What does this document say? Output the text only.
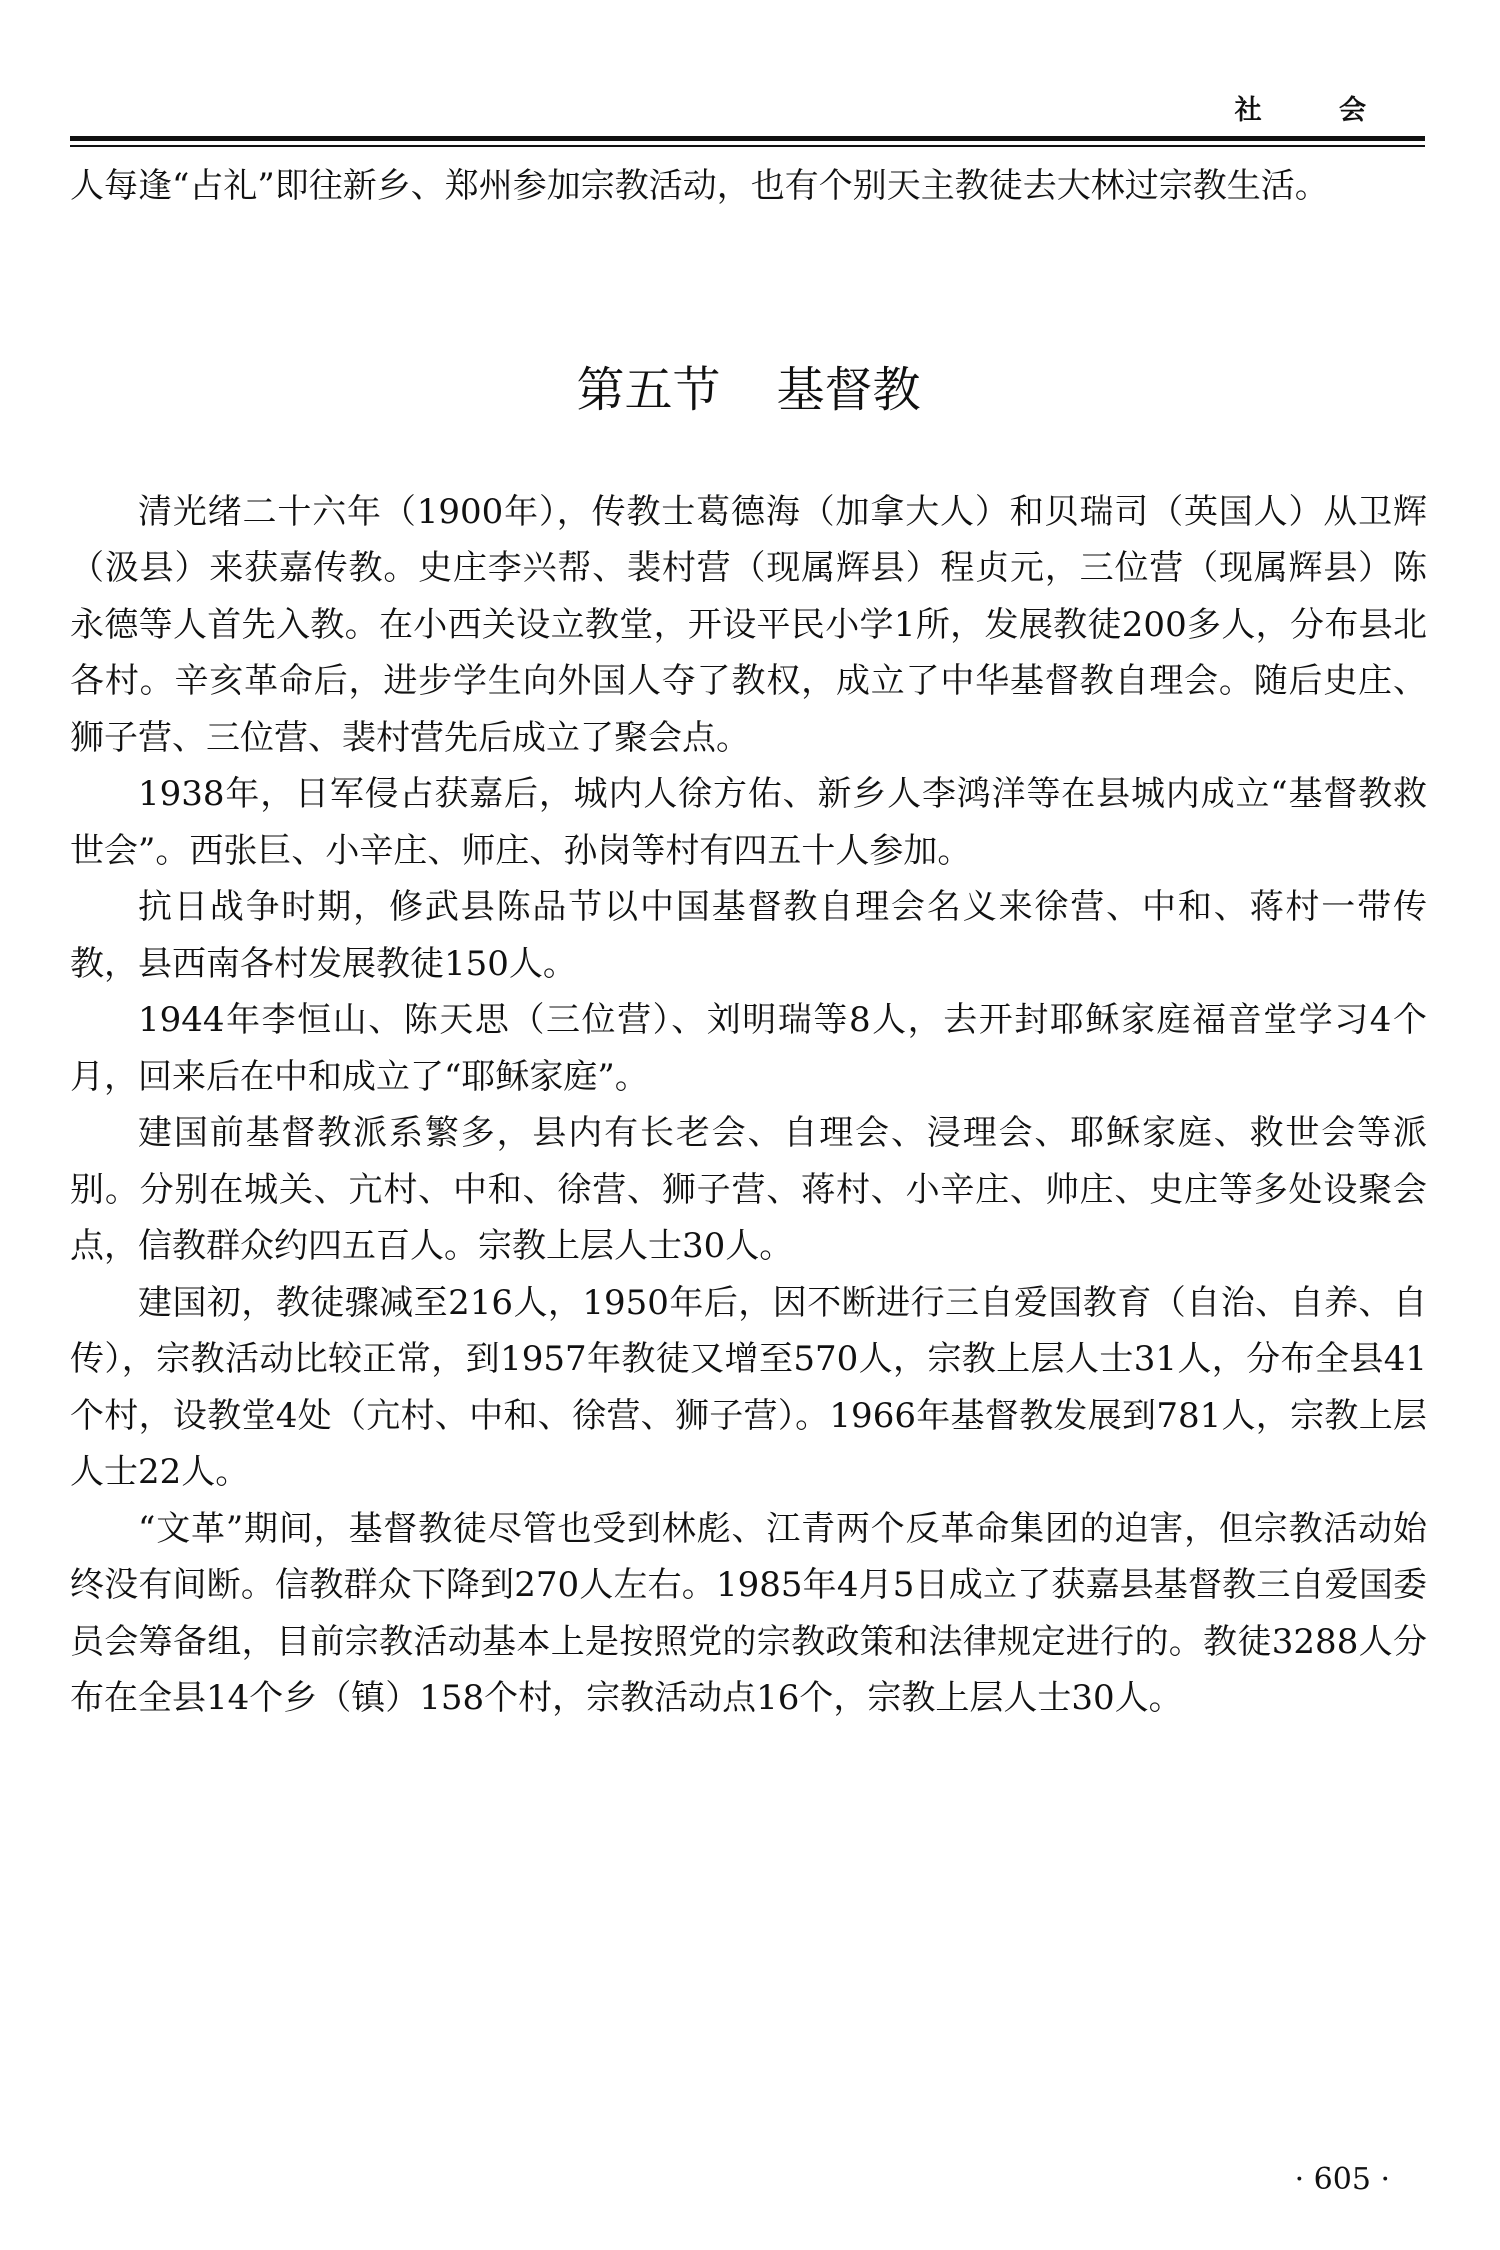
社 会

人每逢“占礼”即往新乡、郑州参加宗教活动，也有个别天主教徒去大林过宗教生活。

第五节 基督教

清光绪二十六年（1900年），传教士葛德海（加拿大人）和贝瑞司（英国人）从卫辉（汲县）来获嘉传教。史庄李兴帮、裴村营（现属辉县）程贞元，三位营（现属辉县）陈永德等人首先入教。在小西关设立教堂，开设平民小学1所，发展教徒200多人，分布县北各村。辛亥革命后，进步学生向外国人夺了教权，成立了中华基督教自理会。随后史庄、狮子营、三位营、裴村营先后成立了聚会点。

1938年，日军侵占获嘉后，城内人徐方佑、新乡人李鸿洋等在县城内成立“基督教救世会”。西张巨、小辛庄、师庄、孙岗等村有四五十人参加。

抗日战争时期，修武县陈品节以中国基督教自理会名义来徐营、中和、蒋村一带传教，县西南各村发展教徒150人。

1944年李恒山、陈天思（三位营）、刘明瑞等8人，去开封耶稣家庭福音堂学习4个月，回来后在中和成立了“耶稣家庭”。

建国前基督教派系繁多，县内有长老会、自理会、浸理会、耶稣家庭、救世会等派别。分别在城关、亢村、中和、徐营、狮子营、蒋村、小辛庄、帅庄、史庄等多处设聚会点，信教群众约四五百人。宗教上层人士30人。

建国初，教徒骤减至216人，1950年后，因不断进行三自爱国教育（自治、自养、自传），宗教活动比较正常，到1957年教徒又增至570人，宗教上层人士31人，分布全县41个村，设教堂4处（亢村、中和、徐营、狮子营）。1966年基督教发展到781人，宗教上层人士22人。

“文革”期间，基督教徒尽管也受到林彪、江青两个反革命集团的迫害，但宗教活动始终没有间断。信教群众下降到270人左右。1985年4月5日成立了获嘉县基督教三自爱国委员会筹备组，目前宗教活动基本上是按照党的宗教政策和法律规定进行的。教徒3288人分布在全县14个乡（镇）158个村，宗教活动点16个，宗教上层人士30人。

· 605 ·
